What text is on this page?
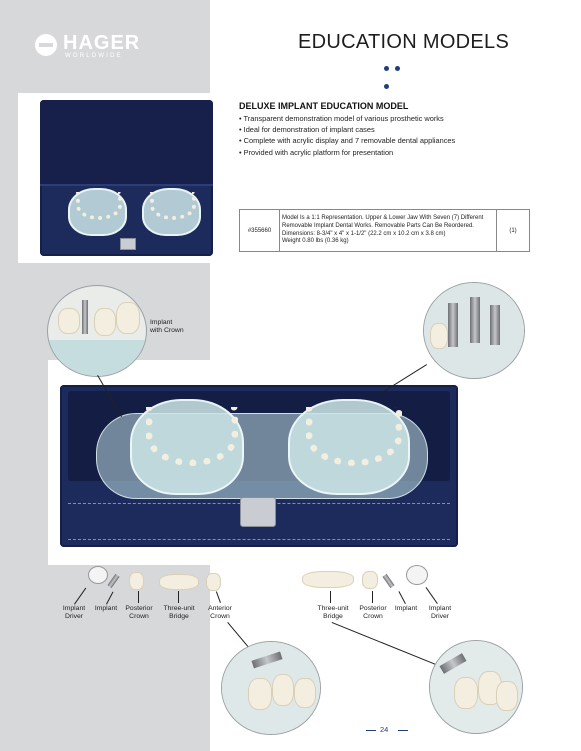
HAGER
WORLDWIDE
EDUCATION MODELS
DELUXE IMPLANT EDUCATION MODEL
• Transparent demonstration model of various prosthetic works
• Ideal for demonstration of implant cases
• Complete with acrylic display and 7 removable dental appliances
• Provided with acrylic platform for presentation
#355660	
Model Is a 1:1 Representation. Upper & Lower Jaw With Seven (7) Different
Removable Implant Dental Works. Removable Parts Can Be Reordered.
Dimensions: 8-3/4" x 4" x 1-1/2" (22.2 cm x 10.2 cm x 3.8 cm)
Weight 0.80 lbs (0.36 kg)
	(1)
Implant
with Crown
Implant
Driver
Implant	Posterior
Crown
Three-unit
Bridge
Anterior
Crown
Three-unit
Bridge
Posterior
Crown
Implant	Implant
Driver
24
